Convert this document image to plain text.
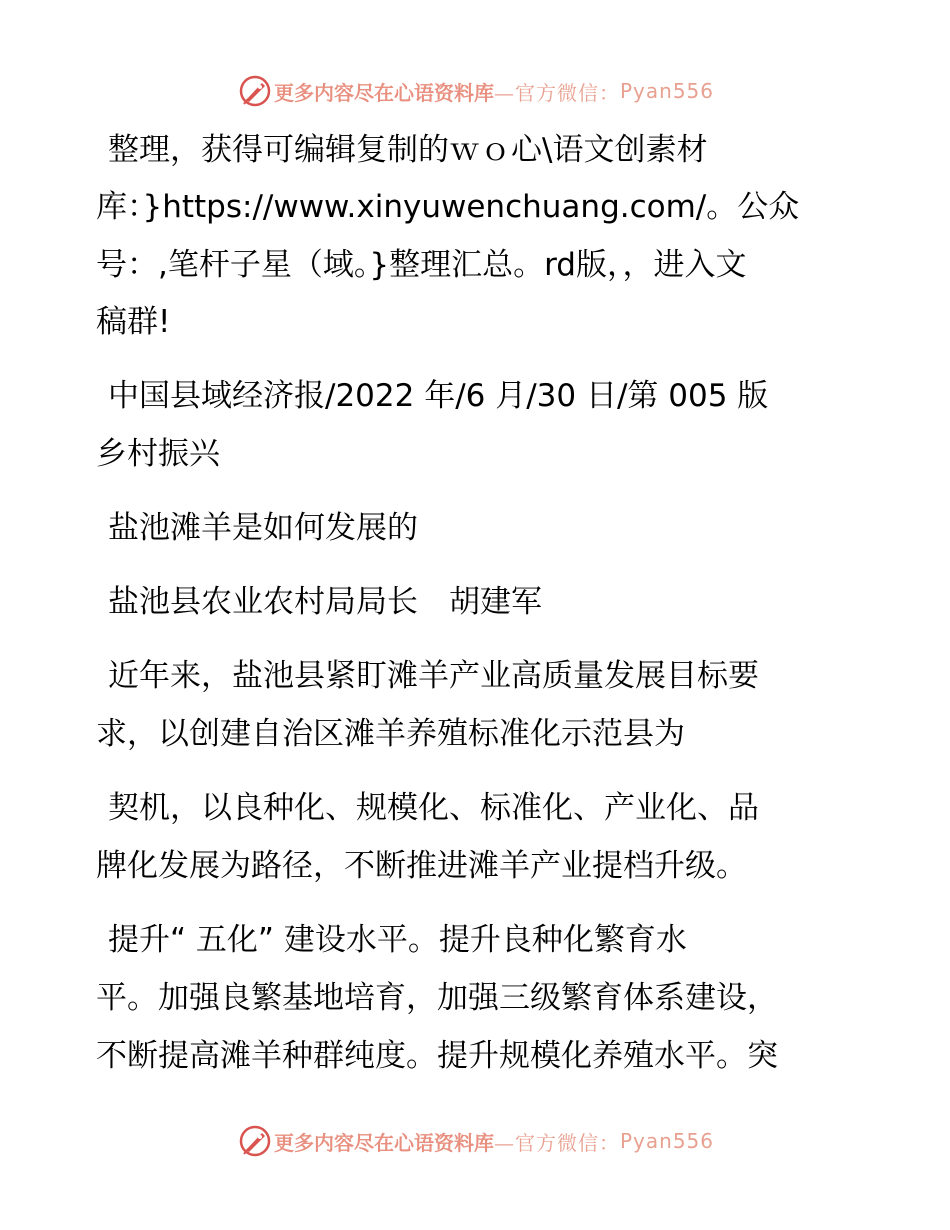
更多内容尽在心语资料库 —官方微信： Pyan556
整理，获得可编辑复制的ｗｏ心\语文创素材
库：}https://www.xinyuwenchuang.com/。公众
号：,笔杆子星（域。}整理汇总。rd版，，进入文
稿群!
中国县域经济报/2022 年/6 月/30 日/第 005 版
乡村振兴
盐池滩羊是如何发展的
盐池县农业农村局局长　胡建军
近年来，盐池县紧盯滩羊产业高质量发展目标要
求，以创建自治区滩羊养殖标准化示范县为
契机，以良种化、规模化、标准化、产业化、品
牌化发展为路径，不断推进滩羊产业提档升级。
提升“ 五化” 建设水平。提升良种化繁育水
平。加强良繁基地培育，加强三级繁育体系建设，
不断提高滩羊种群纯度。提升规模化养殖水平。突
更多内容尽在心语资料库 —官方微信： Pyan556
